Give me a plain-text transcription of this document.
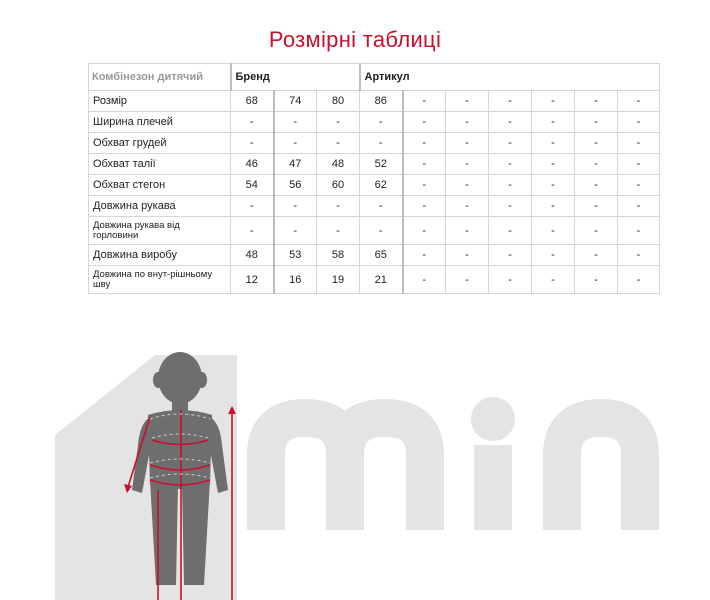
Розмірні таблиці
Комбінезон дитячий	Бренд			Артикул						
Розмір	68	74	80	86	-	-	-	-	-	-
Ширина плечей	-	-	-	-	-	-	-	-	-	-
Обхват грудей	-	-	-	-	-	-	-	-	-	-
Обхват талії	46	47	48	52	-	-	-	-	-	-
Обхват стегон	54	56	60	62	-	-	-	-	-	-
Довжина рукава	-	-	-	-	-	-	-	-	-	-
Довжина рукава від горловини	-	-	-	-	-	-	-	-	-	-
Довжина виробу	48	53	58	65	-	-	-	-	-	-
Довжина по внут-рішньому шву	12	16	19	21	-	-	-	-	-	-
